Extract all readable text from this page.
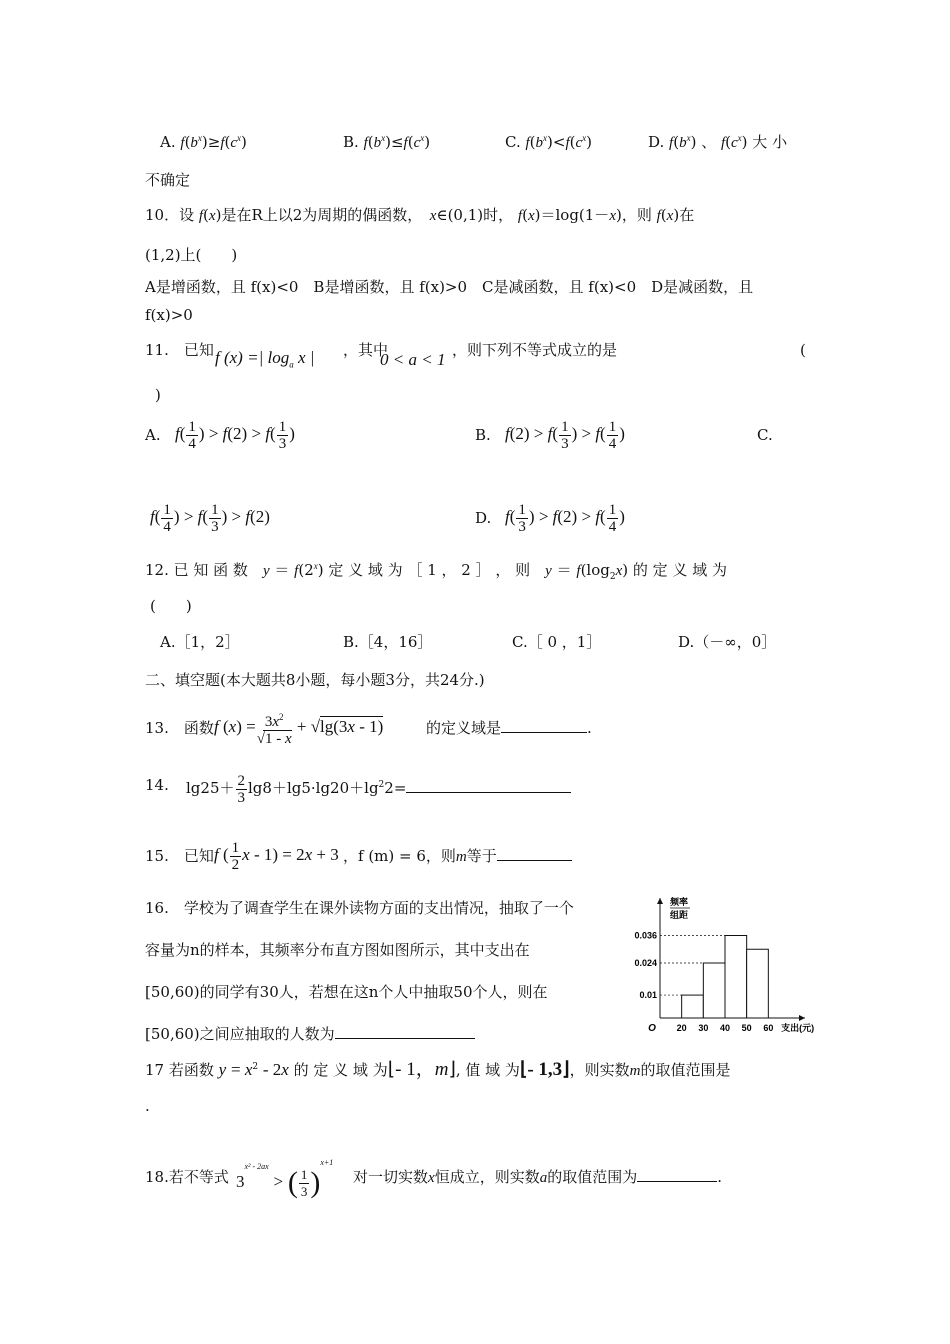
A. $f(b^x)\ge f(c^x)$	B. $f(b^x)\le f(c^x)$	C. $f(b^x)<f(c^x)$	D. $f(b^x)$ 、 $f(c^x)$ 大 小
不确定
10．设 f(x)是在R上以2为周期的偶函数，　 x∈(0,1)时， f(x)＝log(1－x)，则 f(x)在
(1,2)上(　　)
A是增函数，且 f(x)<0　B是增函数，且 f(x)>0　C是减函数，且 f(x)<0　D是减函数，且
f(x)>0
11.　 已知 f (x) =| $\log_a x$ | ，其中
0 < a < 1 ，则下列不等式成立的是	(
)
A. $f( \frac{1}{4}$ ) > $f(2) > f( \frac{1}{3}$ )	B. $f(2) > f( \frac{1}{3}$ ) > $f( \frac{1}{4}$ )	C.
$f( \frac{1}{4}$ ) > $f( \frac{1}{3}$ ) > f(2)	D. $f( \frac{1}{3}$ ) > $f(2) > f( \frac{1}{4}$ )
12. 已 知 函 数　 $y = f(2^x)$ 定 义 域 为 ［ 1 ， 2 ］ ， 则　 $y = f(\log_2x)$ 的 定 义 域 为
(　　)
A.［1，2］	B.［4，16］	C.［ 0 ，1］	D.（－∞，0］
二、填空题(本大题共8小题，每小题3分，共24分.)
13.　 函数 f $(x) = \frac{3x^2}{√1 - x} + √\lg(3x - 1)$	的定义域是	.
14. $\lg 25+ \frac{2}{3} \lg 8+\lg 5\cdot\lg 20+\lg^22=$
15.　 已知 f ( $\frac{1}{2}$ x - 1) = 2x + 3 ，f (m) = 6，则m等于
16.　学校为了调查学生在课外读物方面的支出情况，抽取了一个
容量为n的样本，其频率分布直方图如图所示，其中支出在
[50,60)的同学有30人，若想在这n个人中抽取50个人，则在
[50,60)之间应抽取的人数为
0.036
0.024
0.01
20 30 40 50 60
O	支出(元)
频率
组距
17 若函数 $y = x^2 - 2x$ 的 定 义 域 为⌊- 1，m⌋, 值 域 为⌊- 1,3⌋，则实数m的取值范围是
.
18.若不等式 $3^{x^2 - 2ax}$ > ( $\frac{1}{3} )^{x+1}$
对一切实数x恒成立，则实数a的取值范围为	.
